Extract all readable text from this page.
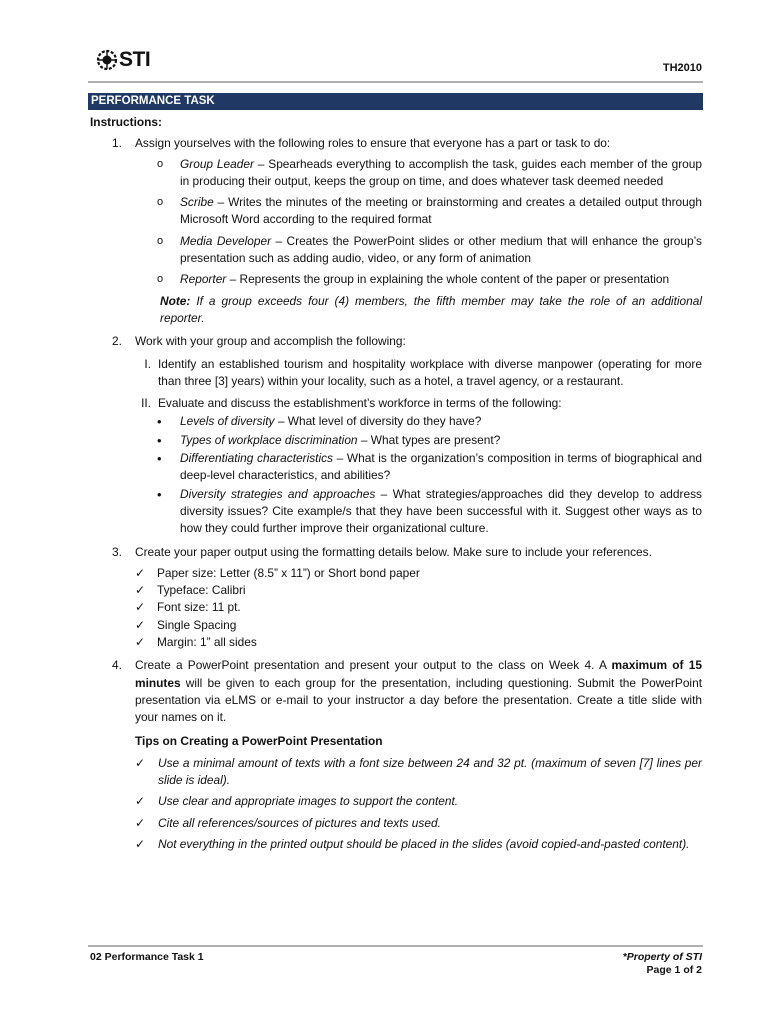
STI	TH2010
PERFORMANCE TASK
Instructions:
1. Assign yourselves with the following roles to ensure that everyone has a part or task to do:
o Group Leader – Spearheads everything to accomplish the task, guides each member of the group in producing their output, keeps the group on time, and does whatever task deemed needed
o Scribe – Writes the minutes of the meeting or brainstorming and creates a detailed output through Microsoft Word according to the required format
o Media Developer – Creates the PowerPoint slides or other medium that will enhance the group’s presentation such as adding audio, video, or any form of animation
o Reporter – Represents the group in explaining the whole content of the paper or presentation
Note: If a group exceeds four (4) members, the fifth member may take the role of an additional reporter.
2. Work with your group and accomplish the following:
I. Identify an established tourism and hospitality workplace with diverse manpower (operating for more than three [3] years) within your locality, such as a hotel, a travel agency, or a restaurant.
II. Evaluate and discuss the establishment’s workforce in terms of the following:
• Levels of diversity – What level of diversity do they have?
• Types of workplace discrimination – What types are present?
• Differentiating characteristics – What is the organization’s composition in terms of biographical and deep-level characteristics, and abilities?
• Diversity strategies and approaches – What strategies/approaches did they develop to address diversity issues? Cite example/s that they have been successful with it. Suggest other ways as to how they could further improve their organizational culture.
3. Create your paper output using the formatting details below. Make sure to include your references.
✓ Paper size: Letter (8.5” x 11”) or Short bond paper
✓ Typeface: Calibri
✓ Font size: 11 pt.
✓ Single Spacing
✓ Margin: 1” all sides
4. Create a PowerPoint presentation and present your output to the class on Week 4. A maximum of 15 minutes will be given to each group for the presentation, including questioning. Submit the PowerPoint presentation via eLMS or e-mail to your instructor a day before the presentation. Create a title slide with your names on it.
Tips on Creating a PowerPoint Presentation
✓ Use a minimal amount of texts with a font size between 24 and 32 pt. (maximum of seven [7] lines per slide is ideal).
✓ Use clear and appropriate images to support the content.
✓ Cite all references/sources of pictures and texts used.
✓ Not everything in the printed output should be placed in the slides (avoid copied-and-pasted content).
02 Performance Task 1	*Property of STI
Page 1 of 2
